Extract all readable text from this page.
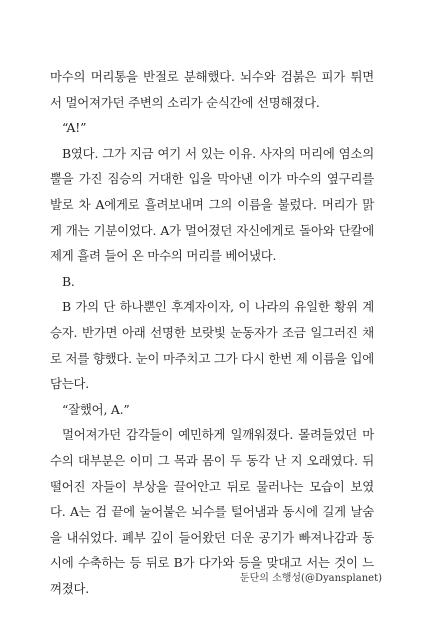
마수의 머리통을 반절로 분해했다. 뇌수와 검붉은 피가 튀면서 멀어져가던 주변의 소리가 순식간에 선명해졌다.

“A!”

B였다. 그가 지금 여기 서 있는 이유. 사자의 머리에 염소의 뿔을 가진 짐승의 거대한 입을 막아낸 이가 마수의 옆구리를 발로 차 A에게로 흘려보내며 그의 이름을 불렀다. 머리가 맑게 개는 기분이었다. A가 멀어졌던 자신에게로 돌아와 단칼에 제게 흘려 들어 온 마수의 머리를 베어냈다.

B.

B 가의 단 하나뿐인 후계자이자, 이 나라의 유일한 황위 계승자. 반가면 아래 선명한 보랏빛 눈동자가 조금 일그러진 채로 저를 향했다. 눈이 마주치고 그가 다시 한번 제 이름을 입에 담는다.

“잘했어, A.”

멀어져가던 감각들이 예민하게 일깨워졌다. 몰려들었던 마수의 대부분은 이미 그 목과 몸이 두 동각 난 지 오래였다. 뒤떨어진 자들이 부상을 끌어안고 뒤로 물러나는 모습이 보였다. A는 검 끝에 눌어붙은 뇌수를 털어냄과 동시에 길게 날숨을 내쉬었다. 폐부 깊이 들어왔던 더운 공기가 빠져나감과 동시에 수축하는 등 뒤로 B가 다가와 등을 맞대고 서는 것이 느껴졌다.

둔단의 소행성(@Dyansplanet)
